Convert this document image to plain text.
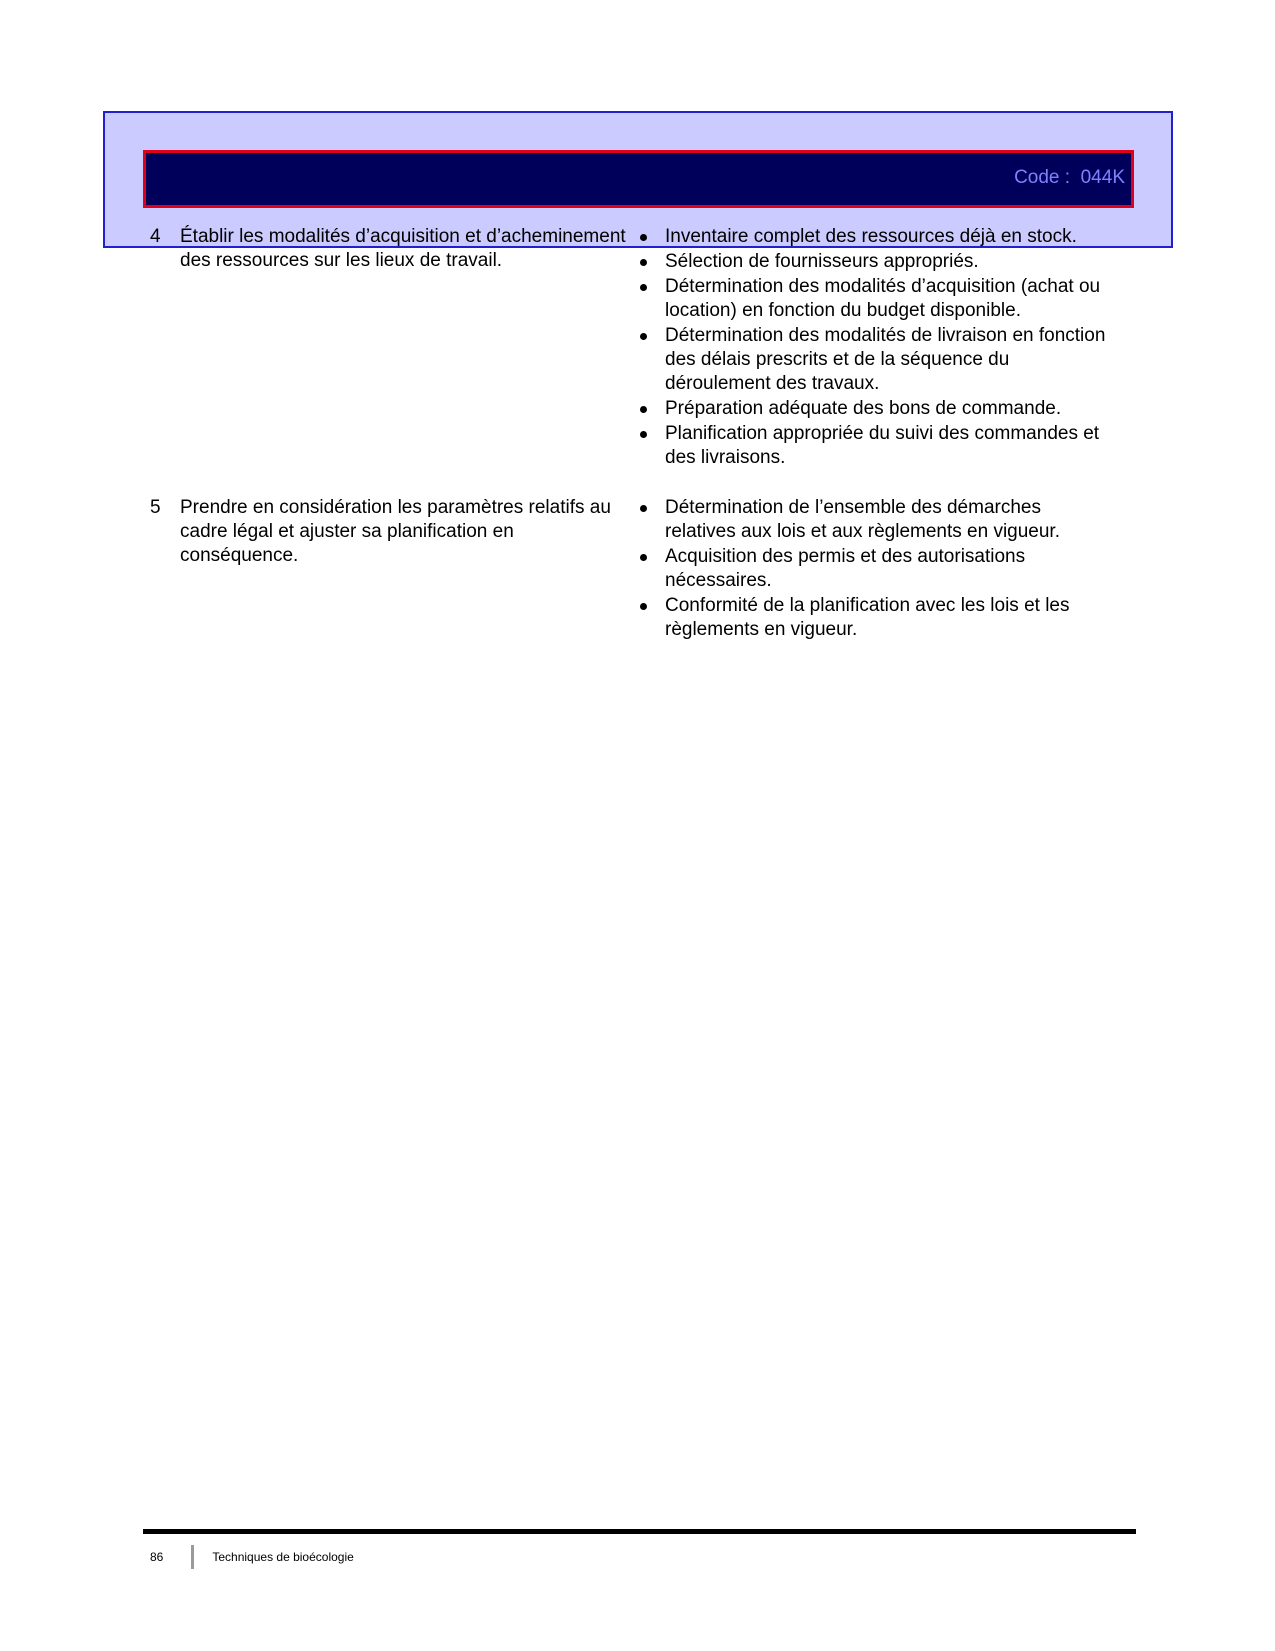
Code :  044K
4 Établir les modalités d’acquisition et d’acheminement des ressources sur les lieux de travail.
Inventaire complet des ressources déjà en stock.
Sélection de fournisseurs appropriés.
Détermination des modalités d’acquisition (achat ou location) en fonction du budget disponible.
Détermination des modalités de livraison en fonction des délais prescrits et de la séquence du déroulement des travaux.
Préparation adéquate des bons de commande.
Planification appropriée du suivi des commandes et des livraisons.
5 Prendre en considération les paramètres relatifs au cadre légal et ajuster sa planification en conséquence.
Détermination de l’ensemble des démarches relatives aux lois et aux règlements en vigueur.
Acquisition des permis et des autorisations nécessaires.
Conformité de la planification avec les lois et les règlements en vigueur.
86	Techniques de bioécologie
